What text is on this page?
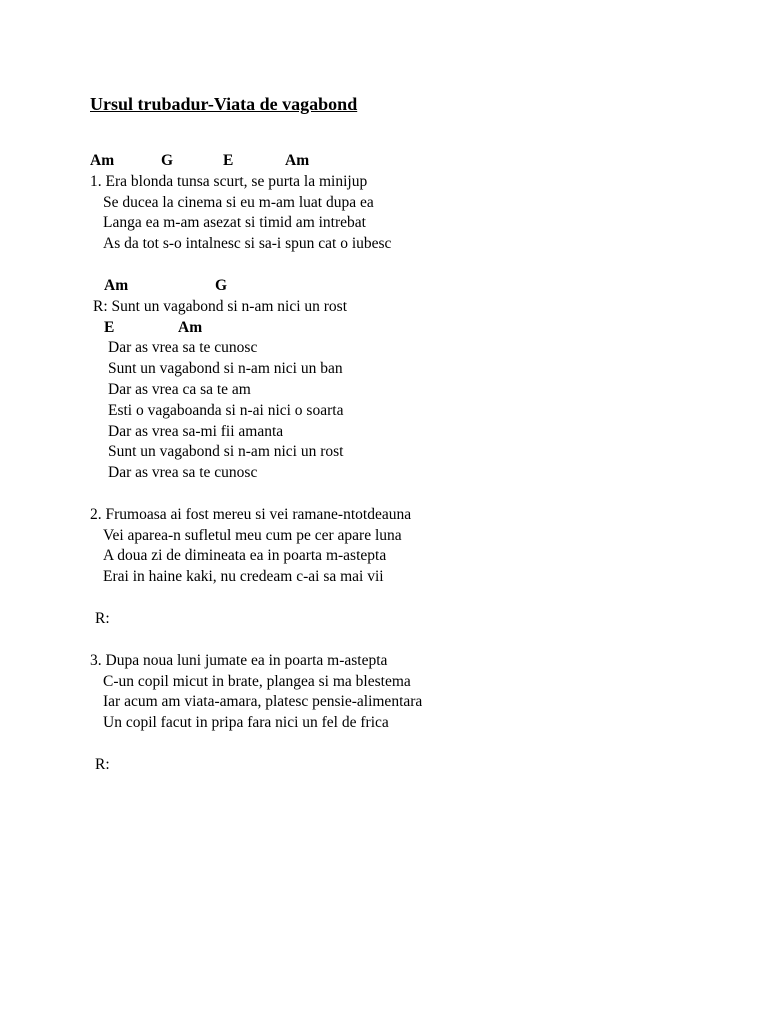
Ursul trubadur-Viata de vagabond
Am	G	E	Am
1. Era blonda tunsa scurt, se purta la minijup
Se ducea la cinema si eu m-am luat dupa ea
Langa ea m-am asezat si timid am intrebat
As da tot s-o intalnesc si sa-i spun cat o iubesc
Am	G
R: Sunt un vagabond si n-am nici un rost
E	Am
Dar as vrea sa te cunosc
Sunt un vagabond si n-am nici un ban
Dar as vrea ca sa te am
Esti o vagaboanda si n-ai nici o soarta
Dar as vrea sa-mi fii amanta
Sunt un vagabond si n-am nici un rost
Dar as vrea sa te cunosc
2. Frumoasa ai fost mereu si vei ramane-ntotdeauna
Vei aparea-n sufletul meu cum pe cer apare luna
A doua zi de dimineata ea in poarta m-astepta
Erai in haine kaki, nu credeam c-ai sa mai vii
R:
3. Dupa noua luni jumate ea in poarta m-astepta
C-un copil micut in brate, plangea si ma blestema
Iar acum am viata-amara, platesc pensie-alimentara
Un copil facut in pripa fara nici un fel de frica
R:
